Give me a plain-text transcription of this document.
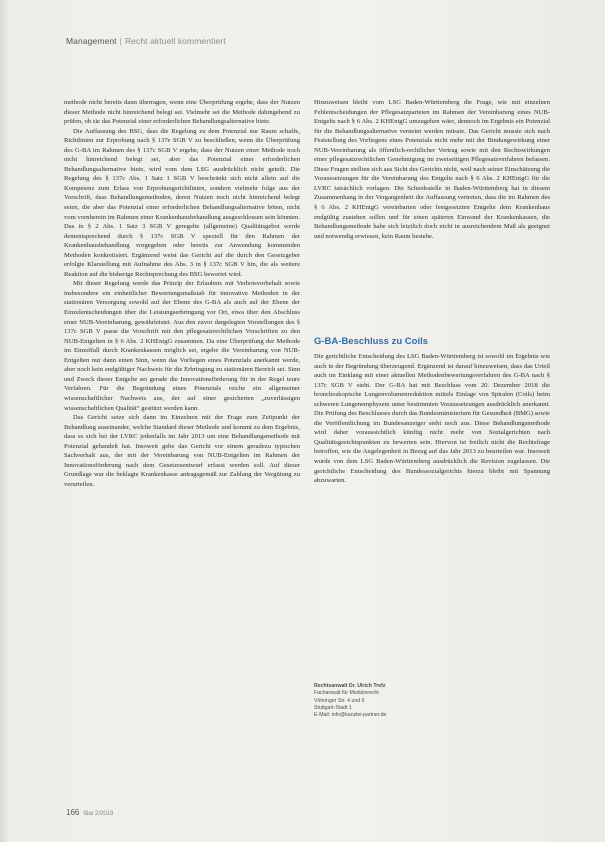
Management | Recht aktuell kommentiert

methode nicht bereits dann überragen, wenn eine Überprüfung ergebe, dass der Nutzen dieser Methode nicht hinreichend belegt sei. Vielmehr sei die Methode dahingehend zu prüfen, ob sie das Potenzial einer erforderlichen Behandlungsalternative biete.

Die Auffassung des BSG, dass die Regelung zu dem Potenzial nur Raum schaffe, Richtlinien zur Erprobung nach § 137e SGB V zu beschließen, wenn die Überprüfung des G-BA im Rahmen des § 137c SGB V ergebe, dass der Nutzen einer Methode noch nicht hinreichend belegt sei, aber das Potenzial einer erforderlichen Behandlungsalternative biete, wird vom dem LSG ausdrücklich nicht geteilt. Die Regelung des § 137c Abs. 1 Satz 1 SGB V beschränkt sich nicht allein auf die Kompetenz zum Erlass von Erprobungsrichtlinien, sondern vielmehr folge aus der Vorschrift, dass Behandlungsmethoden, deren Nutzen noch nicht hinreichend belegt seien, die aber das Potenzial einer erforderlichen Behandlungsalternative böten, nicht vom vornherein im Rahmen einer Krankenhausbehandlung ausgeschlossen sein könnten. Das in § 2 Abs. 1 Satz 3 SGB V geregelte (allgemeine) Qualitätsgebot werde dementsprechend durch § 137c SGB V speziell für den Rahmen der Krankenhausbehandlung vorgegeben oder bereits zur Anwendung kommenden Methoden konkretisiert. Ergänzend weist das Gericht auf die durch den Gesetzgeber erfolgte Klarstellung mit Aufnahme des Abs. 3 in § 137c SGB V hin, die als weitere Reaktion auf die bisherige Rechtsprechung des BSG bewertet wird.

Mit dieser Regelung werde das Prinzip der Erlaubnis mit Verbotsvorbehalt sowie insbesondere ein einheitlicher Bewertungsmaßstab für innovative Methoden in der stationären Versorgung sowohl auf der Ebene des G-BA als auch auf der Ebene der Einzelentscheidungen über die Leistungserbringung vor Ort, etwa über den Abschluss einer NUB-Vereinbarung, gewährleistet. Aus den zuvor dargelegten Vorstellungen des § 137c SGB V passe die Vorschrift mit den pflegesatzrechtlichen Vorschriften zu den NUB-Entgelten in § 6 Abs. 2 KHEntgG zusammen. Da eine Überprüfung der Methode im Einzelfall durch Krankenkassen möglich sei, ergebe die Vereinbarung von NUB-Entgelten nur dann einen Sinn, wenn das Vorliegen eines Potenzials anerkannt werde, aber noch kein endgültiger Nachweis für die Erbringung zu stationären Bereich sei. Sinn und Zweck dieser Entgelte sei gerade die Innovationsförderung für in der Regel teure Verfahren. Für die Begründung eines Potenzials reiche ein allgemeiner wissenschaftlicher Nachweis aus, der auf einer gesicherten „zuverlässigen wissenschaftlichen Qualität“ gestützt werden kann.

Das Gericht setze sich dann im Einzelnen mit der Frage zum Zeitpunkt der Behandlung auseinander, welche Standard dieser Methode und kommt zu dem Ergebnis, dass es sich bei der LVRC jedenfalls im Jahr 2013 um eine Behandlungsmethode mit Potenzial gehandelt hat. Insoweit gebe das Gericht vor einem geradezu typischen Sachverhalt aus, der mit der Vereinbarung von NUB-Entgelten im Rahmen der Innovationsförderung nach dem Gesetzesentwurf erfasst werden soll. Auf dieser Grundlage war die beklagte Krankenkasse antragsgemäß zur Zahlung der Vergütung zu verurteilen.

Hinzuweisen bleibt vom LSG Baden-Württemberg die Frage, wie mit einzelnen Fehlentscheidungen der Pflegesatzparteien im Rahmen der Vereinbarung eines NUB-Entgelts nach § 6 Abs. 2 KHEntgG umzugehen wäre, dennoch im Ergebnis ein Potenzial für die Behandlungsalternative verneint werden müsste. Das Gericht musste sich nach Feststellung des Vorliegens eines Potenzials nicht mehr mit der Bindungswirkung einer NUB-Vereinbarung als öffentlich-rechtlicher Vertrag sowie mit den Rechtswirkungen einer pflegesatzrechtlichen Genehmigung im zweiseitigen Pflegesatzverfahren befassen. Diese Fragen stellten sich aus Sicht des Gerichts nicht, weil nach seiner Einschätzung die Voraussetzungen für die Vereinbarung des Entgelts nach § 6 Abs. 2 KHEntgG für die LVRC tatsächlich vorlagen. Die Schiedsstelle in Baden-Württemberg hat in diesem Zusammenhang in der Vergangenheit die Auffassung vertreten, dass die im Rahmen des § 6 Abs. 2 KHEntgG vereinbarten oder festgesetzten Entgelte dem Krankenhaus endgültig zustehen sollen und für einen späteren Einwand der Krankenkassen, die Behandlungsmethode habe sich letztlich doch nicht in ausreichendem Maß als geeignet und notwendig erwiesen, kein Raum bestehe.

G-BA-Beschluss zu Coils

Die gerichtliche Entscheidung des LSG Baden-Württemberg ist sowohl im Ergebnis wie auch in der Begründung überzeugend. Ergänzend ist darauf hinzuweisen, dass das Urteil auch im Einklang mit einer aktuellen Methodenbewertungsverfahren des G-BA nach § 137c SGB V steht. Der G-BA hat mit Beschluss vom 20. Dezember 2018 die bronchoskopische Lungenvolumenreduktion mittels Einlage von Spiralen (Coils) beim schweren Lungenemphysem unter bestimmten Voraussetzungen ausdrücklich anerkannt. Die Prüfung des Beschlusses durch das Bundesministerium für Gesundheit (BMG) sowie die Veröffentlichung im Bundesanzeiger steht noch aus. Diese Behandlungsmethode wird daher voraussichtlich künftig nicht mehr von Sozialgerichten nach Qualitätsgesichtspunkten zu bewerten sein. Hiervon ist freilich nicht die Rechtsfrage betroffen, wie die Angelegenheit in Bezug auf das Jahr 2013 zu beurteilen war. Insoweit wurde von dem LSG Baden-Württemberg ausdrücklich die Revision zugelassen. Die gerichtliche Entscheidung des Bundessozialgerichts hierzu bleibt mit Spannung abzuwarten.

Rechtsanwalt Dr. Ulrich Trefz
Fachanwalt für Medizinrecht
Vöhringer Str. 4 und 6
Stuttgart-Stadt 1
E-Mail: info@kanzlei-partner.de
166 f&w 2/2019
